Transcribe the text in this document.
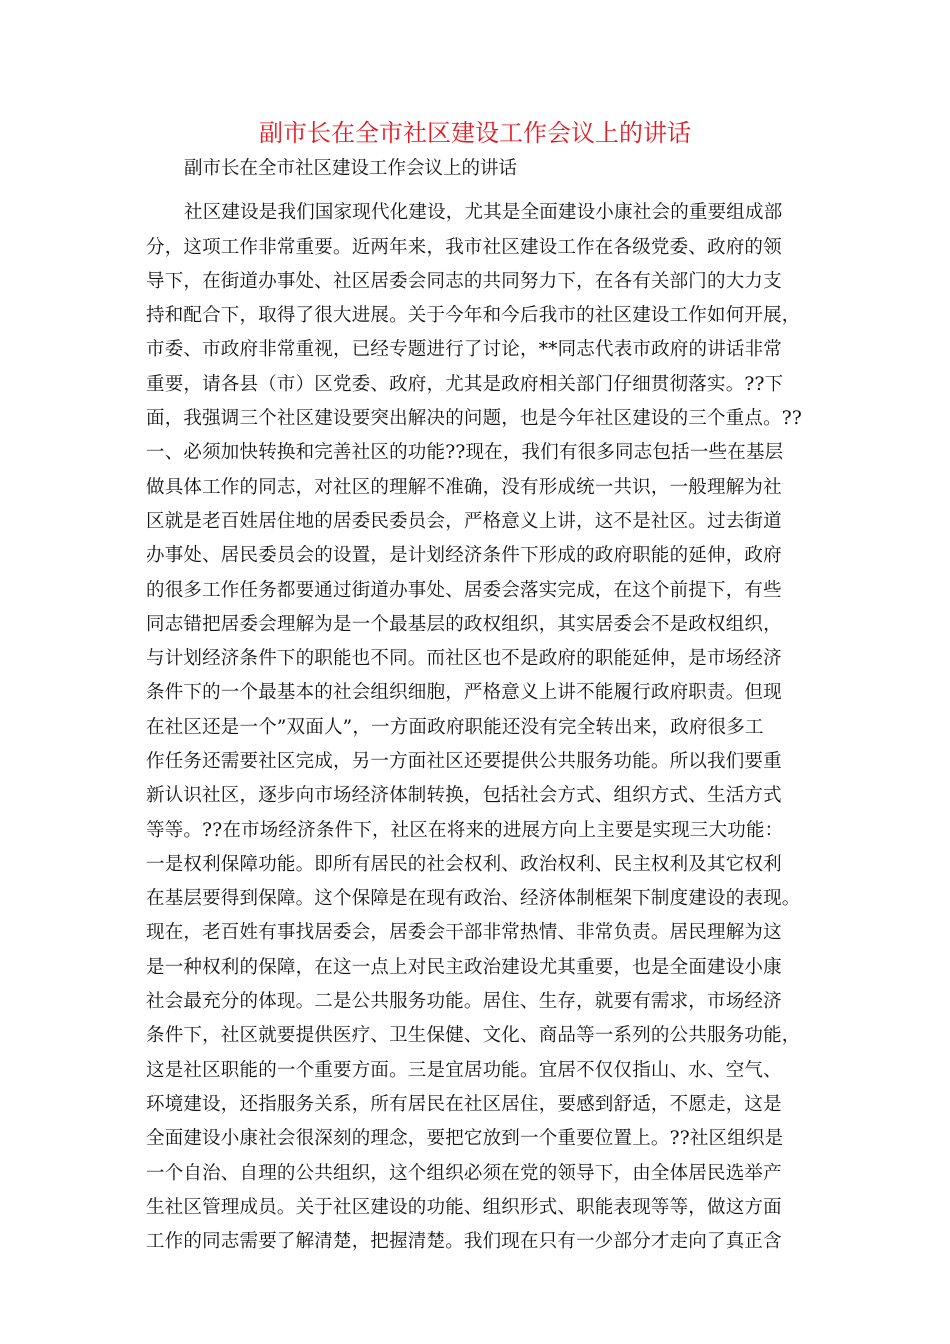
副市长在全市社区建设工作会议上的讲话
副市长在全市社区建设工作会议上的讲话
社区建设是我们国家现代化建设，尤其是全面建设小康社会的重要组成部
分，这项工作非常重要。近两年来，我市社区建设工作在各级党委、政府的领
导下，在街道办事处、社区居委会同志的共同努力下，在各有关部门的大力支
持和配合下，取得了很大进展。关于今年和今后我市的社区建设工作如何开展，
市委、市政府非常重视，已经专题进行了讨论，**同志代表市政府的讲话非常
重要，请各县（市）区党委、政府，尤其是政府相关部门仔细贯彻落实。??下
面，我强调三个社区建设要突出解决的问题，也是今年社区建设的三个重点。??
一、必须加快转换和完善社区的功能??现在，我们有很多同志包括一些在基层
做具体工作的同志，对社区的理解不准确，没有形成统一共识，一般理解为社
区就是老百姓居住地的居委民委员会，严格意义上讲，这不是社区。过去街道
办事处、居民委员会的设置，是计划经济条件下形成的政府职能的延伸，政府
的很多工作任务都要通过街道办事处、居委会落实完成，在这个前提下，有些
同志错把居委会理解为是一个最基层的政权组织，其实居委会不是政权组织，
与计划经济条件下的职能也不同。而社区也不是政府的职能延伸，是市场经济
条件下的一个最基本的社会组织细胞，严格意义上讲不能履行政府职责。但现
在社区还是一个”双面人”，一方面政府职能还没有完全转出来，政府很多工
作任务还需要社区完成，另一方面社区还要提供公共服务功能。所以我们要重
新认识社区，逐步向市场经济体制转换，包括社会方式、组织方式、生活方式
等等。??在市场经济条件下，社区在将来的进展方向上主要是实现三大功能：
一是权利保障功能。即所有居民的社会权利、政治权利、民主权利及其它权利
在基层要得到保障。这个保障是在现有政治、经济体制框架下制度建设的表现。
现在，老百姓有事找居委会，居委会干部非常热情、非常负责。居民理解为这
是一种权利的保障，在这一点上对民主政治建设尤其重要，也是全面建设小康
社会最充分的体现。二是公共服务功能。居住、生存，就要有需求，市场经济
条件下，社区就要提供医疗、卫生保健、文化、商品等一系列的公共服务功能，
这是社区职能的一个重要方面。三是宜居功能。宜居不仅仅指山、水、空气、
环境建设，还指服务关系，所有居民在社区居住，要感到舒适，不愿走，这是
全面建设小康社会很深刻的理念，要把它放到一个重要位置上。??社区组织是
一个自治、自理的公共组织，这个组织必须在党的领导下，由全体居民选举产
生社区管理成员。关于社区建设的功能、组织形式、职能表现等等，做这方面
工作的同志需要了解清楚，把握清楚。我们现在只有一少部分才走向了真正含
